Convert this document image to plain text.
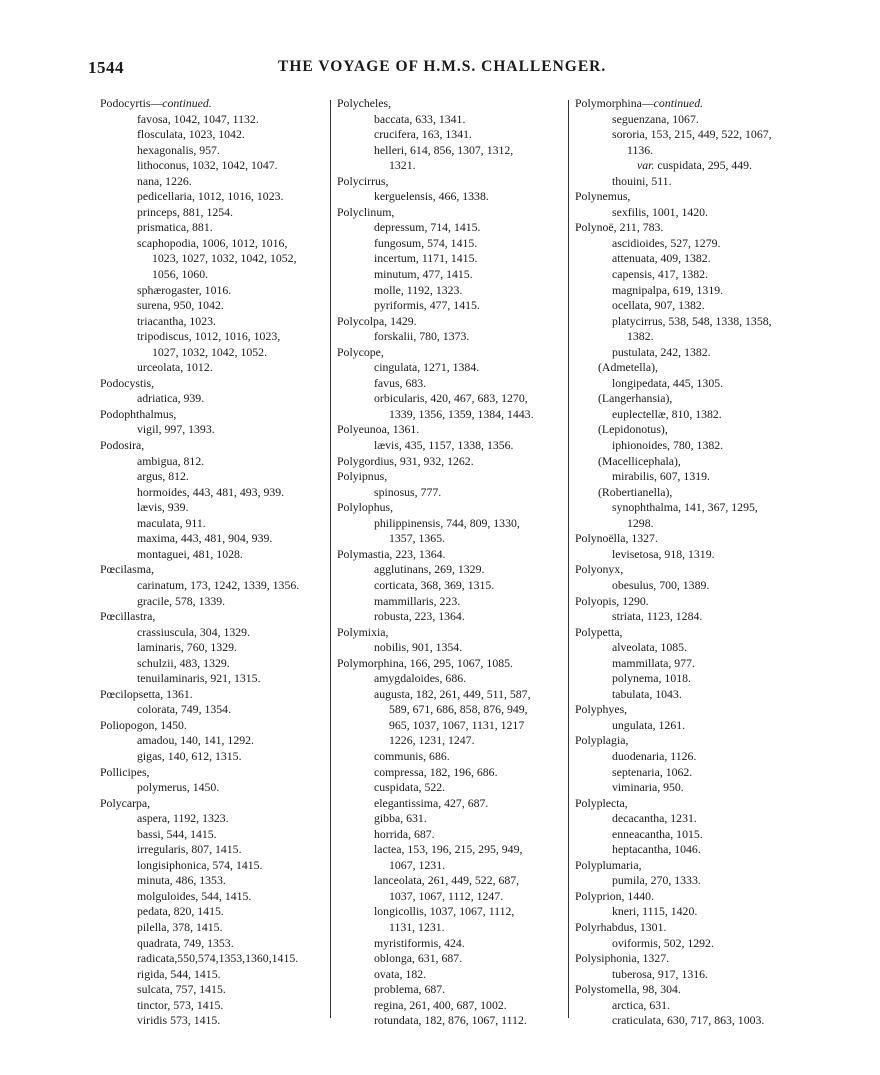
1544	THE VOYAGE OF H.M.S. CHALLENGER.
Podocyrtis—continued.
favosa, 1042, 1047, 1132.
flosculata, 1023, 1042.
hexagonalis, 957.
lithoconus, 1032, 1042, 1047.
nana, 1226.
pedicellaria, 1012, 1016, 1023.
princeps, 881, 1254.
prismatica, 881.
scaphopodia, 1006, 1012, 1016,
1023, 1027, 1032, 1042, 1052,
1056, 1060.
sphærogaster, 1016.
surena, 950, 1042.
triacantha, 1023.
tripodiscus, 1012, 1016, 1023,
1027, 1032, 1042, 1052.
urceolata, 1012.
Podocystis,
adriatica, 939.
Podophthalmus,
vigil, 997, 1393.
Podosira,
ambigua, 812.
argus, 812.
hormoides, 443, 481, 493, 939.
lævis, 939.
maculata, 911.
maxima, 443, 481, 904, 939.
montaguei, 481, 1028.
Pœcilasma,
carinatum, 173, 1242, 1339, 1356.
gracile, 578, 1339.
Pœcillastra,
crassiuscula, 304, 1329.
laminaris, 760, 1329.
schulzii, 483, 1329.
tenuilaminaris, 921, 1315.
Pœcilopsetta, 1361.
colorata, 749, 1354.
Poliopogon, 1450.
amadou, 140, 141, 1292.
gigas, 140, 612, 1315.
Pollicipes,
polymerus, 1450.
Polycarpa,
aspera, 1192, 1323.
bassi, 544, 1415.
irregularis, 807, 1415.
longisiphonica, 574, 1415.
minuta, 486, 1353.
molguloides, 544, 1415.
pedata, 820, 1415.
pilella, 378, 1415.
quadrata, 749, 1353.
radicata,550,574,1353,1360,1415.
rigida, 544, 1415.
sulcata, 757, 1415.
tinctor, 573, 1415.
viridis 573, 1415.
Polycheles,
baccata, 633, 1341.
crucifera, 163, 1341.
helleri, 614, 856, 1307, 1312,
1321.
Polycirrus,
kerguelensis, 466, 1338.
Polyclinum,
depressum, 714, 1415.
fungosum, 574, 1415.
incertum, 1171, 1415.
minutum, 477, 1415.
molle, 1192, 1323.
pyriformis, 477, 1415.
Polycolpa, 1429.
forskalii, 780, 1373.
Polycope,
cingulata, 1271, 1384.
favus, 683.
orbicularis, 420, 467, 683, 1270,
1339, 1356, 1359, 1384, 1443.
Polyeunoa, 1361.
lævis, 435, 1157, 1338, 1356.
Polygordius, 931, 932, 1262.
Polyipnus,
spinosus, 777.
Polylophus,
philippinensis, 744, 809, 1330,
1357, 1365.
Polymastia, 223, 1364.
agglutinans, 269, 1329.
corticata, 368, 369, 1315.
mammillaris, 223.
robusta, 223, 1364.
Polymixia,
nobilis, 901, 1354.
Polymorphina, 166, 295, 1067, 1085.
amygdaloides, 686.
augusta, 182, 261, 449, 511, 587,
589, 671, 686, 858, 876, 949,
965, 1037, 1067, 1131, 1217
1226, 1231, 1247.
communis, 686.
compressa, 182, 196, 686.
cuspidata, 522.
elegantissima, 427, 687.
gibba, 631.
horrida, 687.
lactea, 153, 196, 215, 295, 949,
1067, 1231.
lanceolata, 261, 449, 522, 687,
1037, 1067, 1112, 1247.
longicollis, 1037, 1067, 1112,
1131, 1231.
myristiformis, 424.
oblonga, 631, 687.
ovata, 182.
problema, 687.
regina, 261, 400, 687, 1002.
rotundata, 182, 876, 1067, 1112.
Polymorphina—continued.
seguenzana, 1067.
sororia, 153, 215, 449, 522, 1067,
1136.
var. cuspidata, 295, 449.
thouini, 511.
Polynemus,
sexfilis, 1001, 1420.
Polynoë, 211, 783.
ascidioides, 527, 1279.
attenuata, 409, 1382.
capensis, 417, 1382.
magnipalpa, 619, 1319.
ocellata, 907, 1382.
platycirrus, 538, 548, 1338, 1358,
1382.
pustulata, 242, 1382.
(Admetella),
longipedata, 445, 1305.
(Langerhansia),
euplectellæ, 810, 1382.
(Lepidonotus),
iphionoides, 780, 1382.
(Macellicephala),
mirabilis, 607, 1319.
(Robertianella),
synophthalma, 141, 367, 1295,
1298.
Polynoëlla, 1327.
levisetosa, 918, 1319.
Polyonyx,
obesulus, 700, 1389.
Polyopis, 1290.
striata, 1123, 1284.
Polypetta,
alveolata, 1085.
mammillata, 977.
polynema, 1018.
tabulata, 1043.
Polyphyes,
ungulata, 1261.
Polyplagia,
duodenaria, 1126.
septenaria, 1062.
viminaria, 950.
Polyplecta,
decacantha, 1231.
enneacantha, 1015.
heptacantha, 1046.
Polyplumaria,
pumila, 270, 1333.
Polyprion, 1440.
kneri, 1115, 1420.
Polyrhabdus, 1301.
oviformis, 502, 1292.
Polysiphonia, 1327.
tuberosa, 917, 1316.
Polystomella, 98, 304.
arctica, 631.
craticulata, 630, 717, 863, 1003.
